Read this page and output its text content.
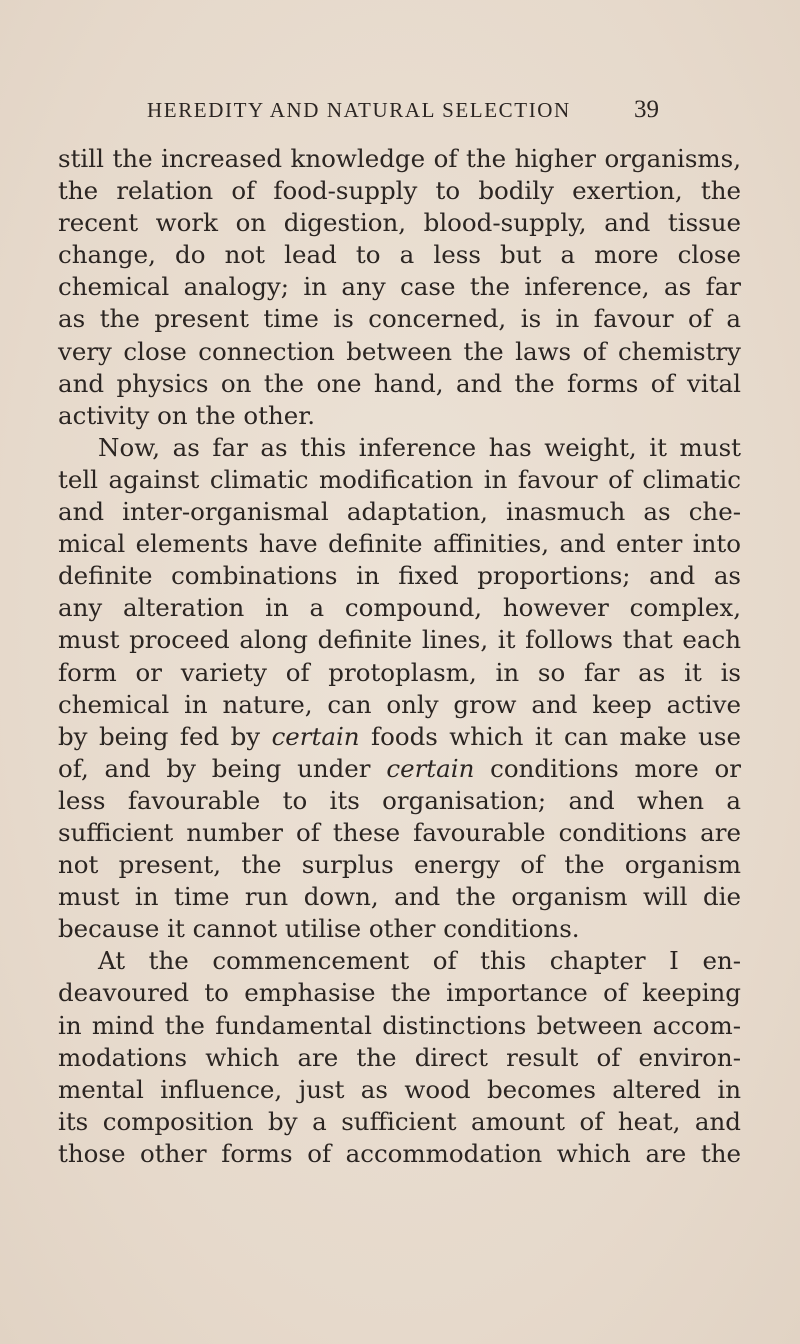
HEREDITY AND NATURAL SELECTION	39
still the increased knowledge of the higher organisms,
the relation of food-supply to bodily exertion, the
recent work on digestion, blood-supply, and tissue
change, do not lead to a less but a more close
chemical analogy; in any case the inference, as far
as the present time is concerned, is in favour of a
very close connection between the laws of chemistry
and physics on the one hand, and the forms of vital
activity on the other.
Now, as far as this inference has weight, it must
tell against climatic modification in favour of climatic
and inter-organismal adaptation, inasmuch as che-
mical elements have definite affinities, and enter into
definite combinations in fixed proportions; and as
any alteration in a compound, however complex,
must proceed along definite lines, it follows that each
form or variety of protoplasm, in so far as it is
chemical in nature, can only grow and keep active
by being fed by certain foods which it can make use
of, and by being under certain conditions more or
less favourable to its organisation; and when a
sufficient number of these favourable conditions are
not present, the surplus energy of the organism
must in time run down, and the organism will die
because it cannot utilise other conditions.
At the commencement of this chapter I en-
deavoured to emphasise the importance of keeping
in mind the fundamental distinctions between accom-
modations which are the direct result of environ-
mental influence, just as wood becomes altered in
its composition by a sufficient amount of heat, and
those other forms of accommodation which are the
